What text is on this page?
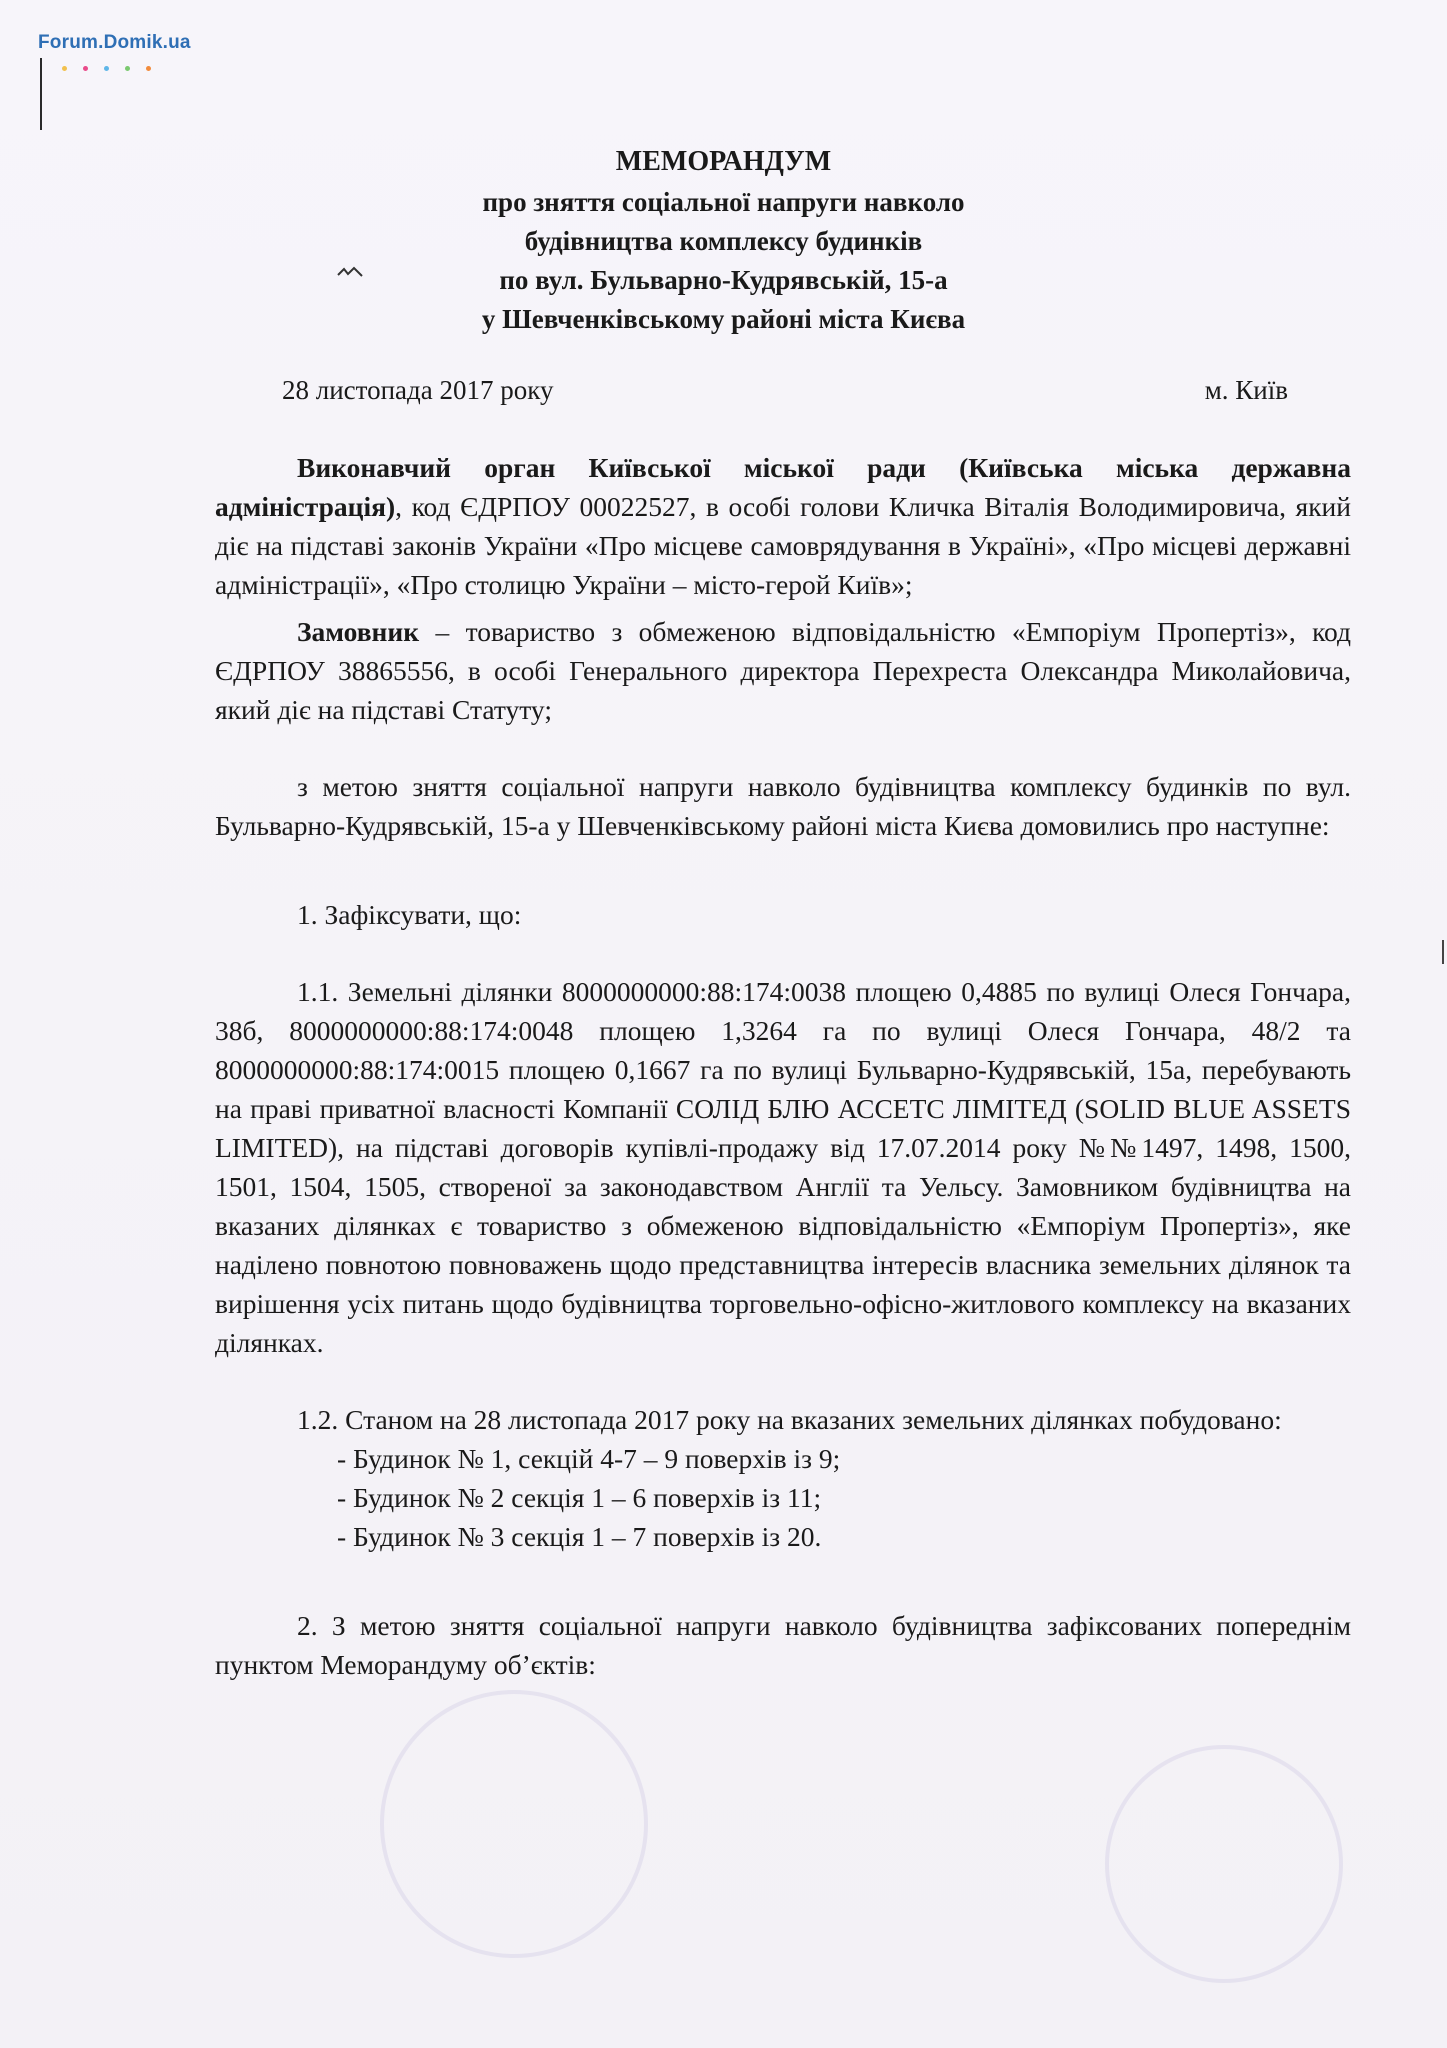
Forum.Domik.ua
МЕМОРАНДУМ
про зняття соціальної напруги навколо
будівництва комплексу будинків
по вул. Бульварно-Кудрявській, 15-а
у Шевченківському районі міста Києва
28 листопада 2017 року	м. Київ

Виконавчий орган Київської міської ради (Київська міська державна адміністрація), код ЄДРПОУ 00022527, в особі голови Кличка Віталія Володимировича, який діє на підставі законів України «Про місцеве самоврядування в Україні», «Про місцеві державні адміністрації», «Про столицю України – місто-герой Київ»;

Замовник – товариство з обмеженою відповідальністю «Емпоріум Пропертіз», код ЄДРПОУ 38865556, в особі Генерального директора Перехреста Олександра Миколайовича, який діє на підставі Статуту;

з метою зняття соціальної напруги навколо будівництва комплексу будинків по вул. Бульварно-Кудрявській, 15-а у Шевченківському районі міста Києва домовились про наступне:

1. Зафіксувати, що:

1.1. Земельні ділянки 8000000000:88:174:0038 площею 0,4885 по вулиці Олеся Гончара, 38б, 8000000000:88:174:0048 площею 1,3264 га по вулиці Олеся Гончара, 48/2 та 8000000000:88:174:0015 площею 0,1667 га по вулиці Бульварно-Кудрявській, 15а, перебувають на праві приватної власності Компанії СОЛІД БЛЮ АССЕТС ЛІМІТЕД (SOLID BLUE ASSETS LIMITED), на підставі договорів купівлі-продажу від 17.07.2014 року №№1497, 1498, 1500, 1501, 1504, 1505, створеної за законодавством Англії та Уельсу. Замовником будівництва на вказаних ділянках є товариство з обмеженою відповідальністю «Емпоріум Пропертіз», яке наділено повнотою повноважень щодо представництва інтересів власника земельних ділянок та вирішення усіх питань щодо будівництва торговельно-офісно-житлового комплексу на вказаних ділянках.

1.2. Станом на 28 листопада 2017 року на вказаних земельних ділянках побудовано:

- Будинок № 1, секцій 4-7 – 9 поверхів із 9;

- Будинок № 2 секція 1 – 6 поверхів із 11;

- Будинок № 3 секція 1 – 7 поверхів із 20.

2. З метою зняття соціальної напруги навколо будівництва зафіксованих попереднім пунктом Меморандуму об’єктів:
